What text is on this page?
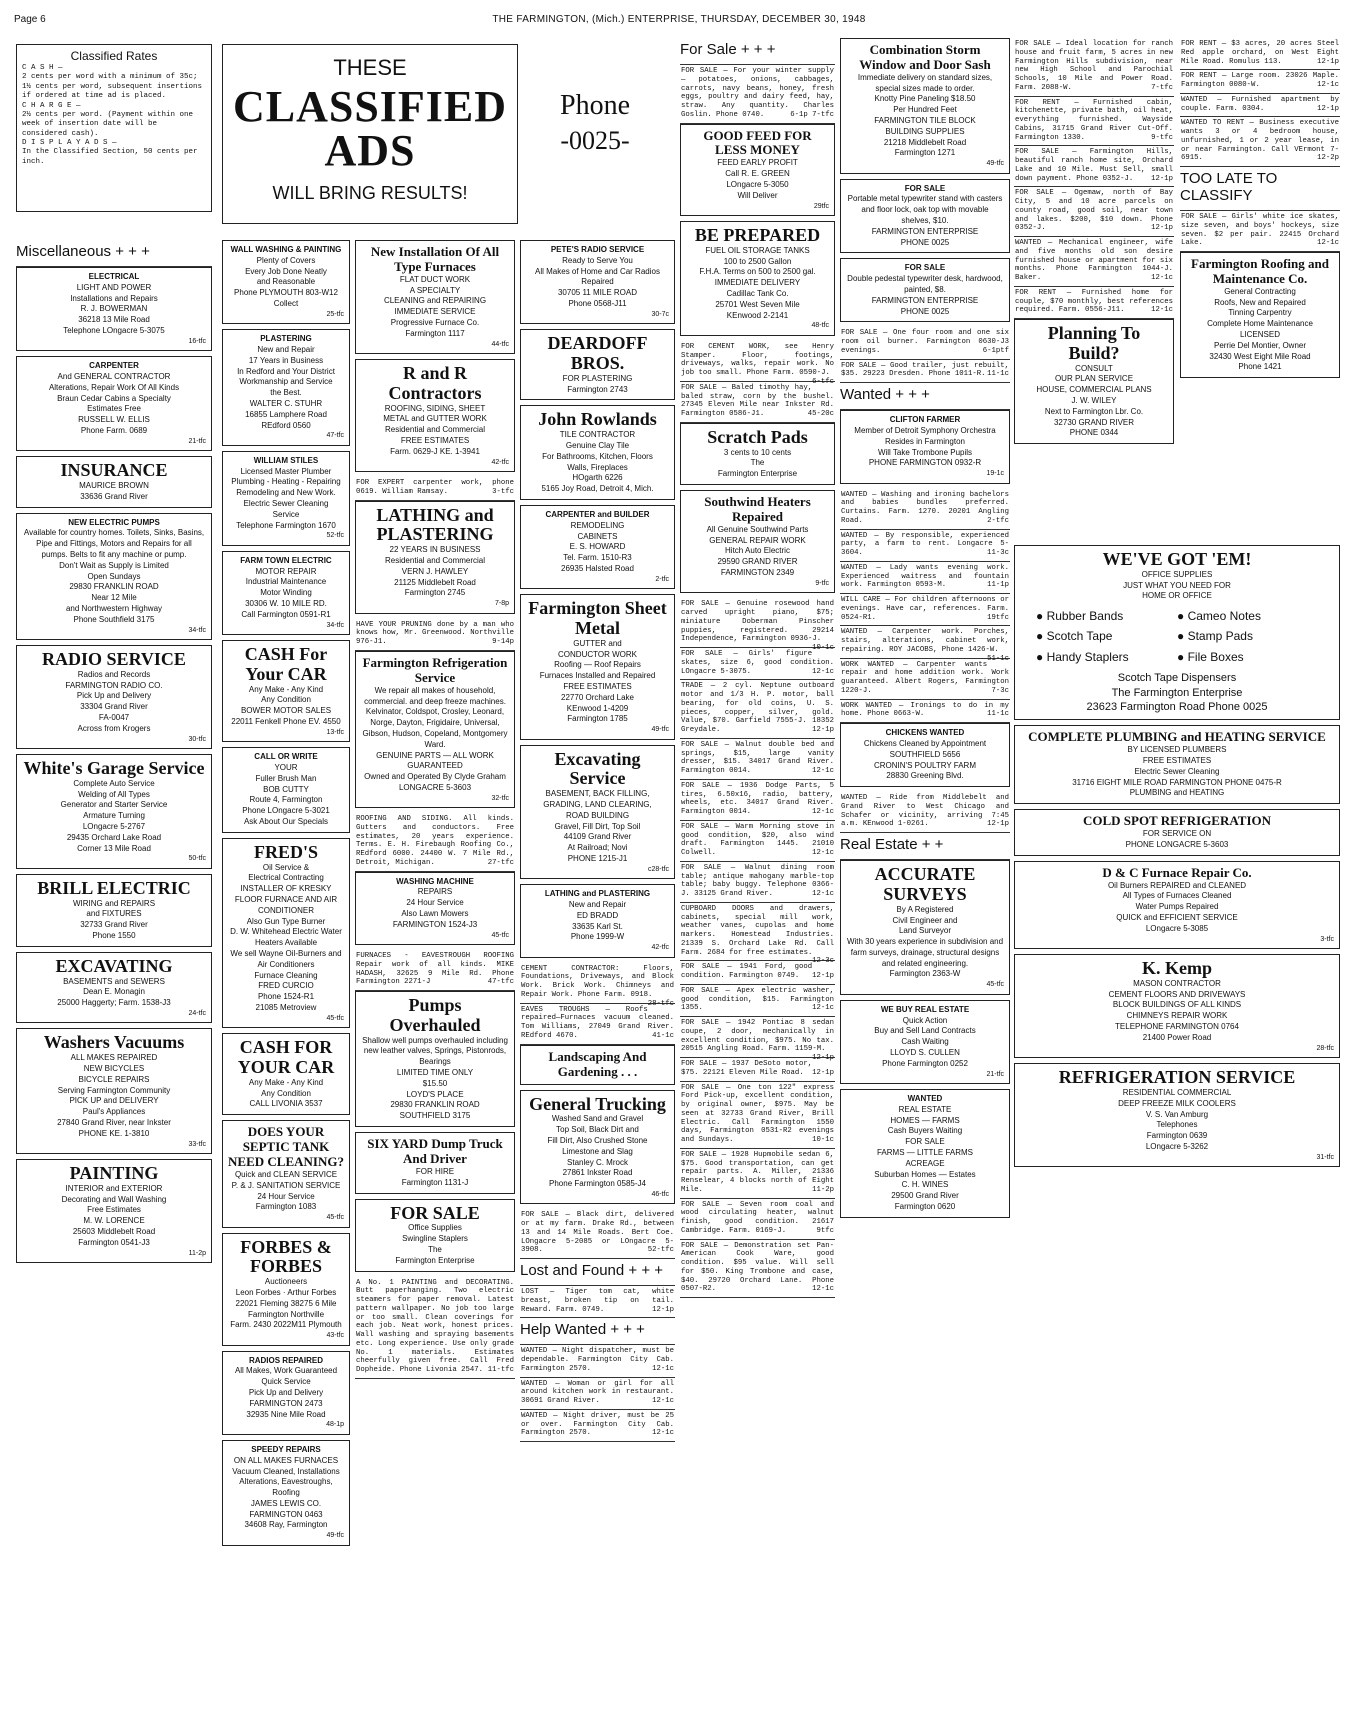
Page 6	THE FARMINGTON, (Mich.) ENTERPRISE, THURSDAY, DECEMBER 30, 1948
Classified Rates
C A S H —
2 cents per word with a minimum of 35c; 1½ cents per word, subsequent insertions if ordered at time ad is placed.
C H A R G E —
2½ cents per word. (Payment within one week of insertion date will be considered cash).
D I S P L A Y A D S —
In the Classified Section, 50 cents per inch.
THESE
CLASSIFIED
ADS
WILL BRING RESULTS!
Phone
-0025-
Miscellaneous + + +
ELECTRICAL
LIGHT AND POWER
Installations and Repairs
R. J. BOWERMAN
36218 13 Mile Road
Telephone LOngacre 5-3075
16-tfc
CARPENTER
And GENERAL CONTRACTOR
Alterations, Repair Work Of All Kinds
Braun Cedar Cabins a Specialty
Estimates Free
RUSSELL W. ELLIS
Phone Farm. 0689
21-tfc
INSURANCE
MAURICE BROWN
33636 Grand River
NEW ELECTRIC PUMPS
Available for country homes. Toilets, Sinks, Basins, Pipe and Fittings, Motors and Repairs for all pumps. Belts to fit any machine or pump.
Don't Wait as Supply is Limited
Open Sundays
29830 FRANKLIN ROAD
Near 12 Mile
and Northwestern Highway
Phone Southfield 3175
34-tfc
RADIO SERVICE
Radios and Records
FARMINGTON RADIO CO.
Pick Up and Delivery
33304 Grand River
FA-0047
Across from Krogers
30-tfc
White's Garage Service
Complete Auto Service
Welding of All Types
Generator and Starter Service
Armature Turning
LOngacre 5-2767
29435 Orchard Lake Road
Corner 13 Mile Road
50-tfc
BRILL ELECTRIC
WIRING and REPAIRS
and FIXTURES
32733 Grand River
Phone 1550
EXCAVATING
BASEMENTS and SEWERS
Dean E. Monagin
25000 Haggerty; Farm. 1538-J3
24-tfc
Washers Vacuums
ALL MAKES REPAIRED
NEW BICYCLES
BICYCLE REPAIRS
Serving Farmington Community
PICK UP and DELIVERY
Paul's Appliances
27840 Grand River, near Inkster
PHONE KE. 1-3810
33-tfc
PAINTING
INTERIOR and EXTERIOR
Decorating and Wall Washing
Free Estimates
M. W. LORENCE
25603 Middlebelt Road
Farmington 0541-J3
11-2p
WALL WASHING & PAINTING
Plenty of Covers
Every Job Done Neatly
and Reasonable
Phone PLYMOUTH 803-W12
Collect
25-tfc
PLASTERING
New and Repair
17 Years in Business
In Redford and Your District
Workmanship and Service
the Best.
WALTER C. STUHR
16855 Lamphere Road
REdford 0560
47-tfc
WILLIAM STILES
Licensed Master Plumber
Plumbing - Heating - Repairing
Remodeling and New Work.
Electric Sewer Cleaning
Service
Telephone Farmington 1670
52-tfc
FARM TOWN ELECTRIC
MOTOR REPAIR
Industrial Maintenance
Motor Winding
30306 W. 10 MILE RD.
Call Farmington 0591-R1
34-tfc
CASH For Your CAR
Any Make - Any Kind
Any Condition
BOWER MOTOR SALES
22011 Fenkell Phone EV. 4550
13-tfc
CALL OR WRITE
YOUR
Fuller Brush Man
BOB CUTTY
Route 4, Farmington
Phone LOngacre 5-3021
Ask About Our Specials
FRED'S
Oil Service &
Electrical Contracting
INSTALLER OF KRESKY FLOOR FURNACE AND AIR CONDITIONER
Also Gun Type Burner
D. W. Whitehead Electric Water Heaters Available
We sell Wayne Oil-Burners and Air Conditioners
Furnace Cleaning
FRED CURCIO
Phone 1524-R1
21085 Metroview
45-tfc
CASH FOR YOUR CAR
Any Make - Any Kind
Any Condition
CALL LIVONIA 3537
DOES YOUR SEPTIC TANK NEED CLEANING?
Quick and CLEAN SERVICE
P. & J. SANITATION SERVICE
24 Hour Service
Farmington 1083
45-tfc
FORBES & FORBES
Auctioneers
Leon Forbes · Arthur Forbes
22021 Fleming 38275 6 Mile
Farmington Northville
Farm. 2430 2022M11 Plymouth
43-tfc
RADIOS REPAIRED
All Makes, Work Guaranteed
Quick Service
Pick Up and Delivery
FARMINGTON 2473
32935 Nine Mile Road
48-1p
SPEEDY REPAIRS
ON ALL MAKES FURNACES
Vacuum Cleaned, Installations
Alterations, Eavestroughs,
Roofing
JAMES LEWIS CO.
FARMINGTON 0463
34608 Ray, Farmington
49-tfc
New Installation Of All Type Furnaces
FLAT DUCT WORK
A SPECIALTY
CLEANING and REPAIRING
IMMEDIATE SERVICE
Progressive Furnace Co.
Farmington 1117
44-tfc
R and R Contractors
ROOFING, SIDING, SHEET
METAL and GUTTER WORK
Residential and Commercial
FREE ESTIMATES
Farm. 0629-J KE. 1-3941
42-tfc
FOR EXPERT carpenter work, phone 0619. William Ramsay.	3-tfc
LATHING and PLASTERING
22 YEARS IN BUSINESS
Residential and Commercial
VERN J. HAWLEY
21125 Middlebelt Road
Farmington 2745
7-8p
HAVE YOUR PRUNING done by a man who knows how, Mr. Greenwood. Northville 976-J1.	9-14p
Farmington Refrigeration Service
We repair all makes of household, commercial. and deep freeze machines. Kelvinator, Coldspot, Crosley, Leonard, Norge, Dayton, Frigidaire, Universal, Gibson, Hudson, Copeland, Montgomery Ward.
GENUINE PARTS — ALL WORK GUARANTEED
Owned and Operated By Clyde Graham
LONGACRE 5-3603
32-tfc
ROOFING AND SIDING. All kinds. Gutters and conductors. Free estimates, 20 years experience. Terms. E. H. Firebaugh Roofing Co., REdford 6000. 24400 W. 7 Mile Rd., Detroit, Michigan.	27-tfc
WASHING MACHINE
REPAIRS
24 Hour Service
Also Lawn Mowers
FARMINGTON 1524-J3
45-tfc
FURNACES - EAVESTROUGH ROOFING Repair work of all kinds. MIKE HADASH, 32625 9 Mile Rd. Phone Farmington 2271-J	47-tfc
Pumps Overhauled
Shallow well pumps overhauled including new leather valves, Springs, Pistonrods, Bearings
LIMITED TIME ONLY
$15.50
LOYD'S PLACE
29830 FRANKLIN ROAD
SOUTHFIELD 3175
SIX YARD Dump Truck And Driver
FOR HIRE
Farmington 1131-J
FOR SALE
Office Supplies
Swingline Staplers
The
Farmington Enterprise
A No. 1 PAINTING and DECORATING. Butt paperhanging. Two electric steamers for paper removal. Latest pattern wallpaper. No job too large or too small. Clean coverings for each job. Neat work, honest prices. Wall washing and spraying basements etc. Long experience. Use only grade No. 1 materials. Estimates cheerfully given free. Call Fred Dopheide. Phone Livonia 2547. 11-tfc
PETE'S RADIO SERVICE
Ready to Serve You
All Makes of Home and Car Radios Repaired
30705 11 MILE ROAD
Phone 0568-J11
30-7c
DEARDOFF BROS.
FOR PLASTERING
Farmington 2743
John Rowlands
TILE CONTRACTOR
Genuine Clay Tile
For Bathrooms, Kitchen, Floors
Walls, Fireplaces
HOgarth 6226
5165 Joy Road, Detroit 4, Mich.
CARPENTER and BUILDER
REMODELING
CABINETS
E. S. HOWARD
Tel. Farm. 1510-R3
26935 Halsted Road
2-tfc
Farmington Sheet Metal
GUTTER and
CONDUCTOR WORK
Roofing — Roof Repairs
Furnaces Installed and Repaired
FREE ESTIMATES
22770 Orchard Lake
KEnwood 1-4209
Farmington 1785
49-tfc
Excavating Service
BASEMENT, BACK FILLING,
GRADING, LAND CLEARING,
ROAD BUILDING
Gravel, Fill Dirt, Top Soil
44109 Grand River
At Railroad; Novi
PHONE 1215-J1
c28-tfc
LATHING and PLASTERING
New and Repair
ED BRADD
33635 Karl St.
Phone 1999-W
42-tfc
CEMENT CONTRACTOR: Floors, Foundations, Driveways, and Block Work. Brick Work. Chimneys and Repair Work. Phone Farm. 0918.
28-tfc
EAVES TROUGHS — Roofs repaired—Furnaces vacuum cleaned. Tom Williams, 27049 Grand River. REdford 4670.	41-1c
Landscaping And Gardening . . .
General Trucking
Washed Sand and Gravel
Top Soil, Black Dirt and
Fill Dirt, Also Crushed Stone
Limestone and Slag
Stanley C. Mrock
27861 Inkster Road
Phone Farmington 0585-J4
46-tfc
FOR SALE — Black dirt, delivered or at my farm. Drake Rd., between 13 and 14 Mile Roads. Bert Coe. LOngacre 5-2085 or LOngacre 5-3908.	52-tfc
Lost and Found + + +
LOST — Tiger tom cat, white breast, broken tip on tail. Reward. Farm. 0749.	12-1p
Help Wanted + + +
WANTED — Night dispatcher, must be dependable. Farmington City Cab. Farmington 2570.	12-1c
WANTED — Woman or girl for all around kitchen work in restaurant. 30691 Grand River.	12-1c
WANTED — Night driver, must be 25 or over. Farmington City Cab. Farmington 2570.	12-1c
For Sale + + +
FOR SALE — For your winter supply — potatoes, onions, cabbages, carrots, navy beans, honey, fresh eggs, poultry and dairy feed, hay, straw. Any quantity. Charles Goslin. Phone 0740.	6-1p 7-tfc
GOOD FEED FOR LESS MONEY
FEED EARLY PROFIT
Call R. E. GREEN
LOngacre 5-3050
Will Deliver
29tfc
BE PREPARED
FUEL OIL STORAGE TANKS
100 to 2500 Gallon
F.H.A. Terms on 500 to 2500 gal.
IMMEDIATE DELIVERY
Cadillac Tank Co.
25701 West Seven Mile
KEnwood 2-2141
48-tfc
FOR CEMENT WORK, see Henry Stamper. Floor, footings, driveways, walks, repair work. No job too small. Phone Farm. 0590-J.
6-tfc
FOR SALE — Baled timothy hay, baled straw, corn by the bushel. 27345 Eleven Mile near Inkster Rd. Farmington 0586-J1.	45-20c
Scratch Pads
3 cents to 10 cents
The
Farmington Enterprise
Southwind Heaters Repaired
All Genuine Southwind Parts
GENERAL REPAIR WORK
Hitch Auto Electric
29590 GRAND RIVER
FARMINGTON 2349
9-tfc
FOR SALE — Genuine rosewood hand carved upright piano, $75; miniature Doberman Pinscher puppies, registered. 29214 Independence, Farmington 0936-J.
10-1c
FOR SALE — Girls' figure skates, size 6, good condition. LOngacre 5-3075.	12-1c
TRADE — 2 cyl. Neptune outboard motor and 1/3 H. P. motor, ball bearing, for old coins, U. S. pieces, copper, silver, gold. Value, $70. Garfield 7555-J. 18352 Greydale.	12-1p
FOR SALE — Walnut double bed and springs, $15, large vanity dresser, $15. 34017 Grand River. Farmington 0014.	12-1c
FOR SALE — 1936 Dodge Parts, 5 tires, 6.50x16, radio, battery, wheels, etc. 34017 Grand River. Farmington 0014.	12-1c
FOR SALE — Warm Morning stove in good condition, $20, also wind draft. Farmington 1445. 21010 Colwell.	12-1c
FOR SALE — Walnut dining room table; antique mahogany marble-top table; baby buggy. Telephone 0366-J. 33125 Grand River.	12-1c
CUPBOARD DOORS and drawers, cabinets, special mill work, weather vanes, cupolas and home markers. Homestead Industries. 21339 S. Orchard Lake Rd. Call Farm. 2684 for free estimates.
12-3c
FOR SALE — 1941 Ford, good condition. Farmington 0749. 12-1p
FOR SALE — Apex electric washer, good condition, $15. Farmington 1355.	12-1c
FOR SALE — 1942 Pontiac 8 sedan coupe, 2 door, mechanically in excellent condition, $975. No tax. 20515 Angling Road. Farm. 1159-M.
12-1p
FOR SALE — 1937 DeSoto motor, $75. 22121 Eleven Mile Road. 12-1p
FOR SALE — One ton 122" express Ford Pick-up, excellent condition, by original owner, $975. May be seen at 32733 Grand River, Brill Electric. Call Farmington 1550 days, Farmington 0531-R2 evenings and Sundays.	10-1c
FOR SALE — 1928 Hupmobile sedan 6, $75. Good transportation, can get repair parts. A. Miller, 21336 Renselear, 4 blocks north of Eight Mile.	11-2p
FOR SALE — Seven room coal and wood circulating heater, walnut finish, good condition. 21617 Cambridge. Farm. 0169-J.	9tfc
FOR SALE — Demonstration set Pan-American Cook Ware, good condition. $95 value. Will sell for $50. King Trombone and case, $40. 29720 Orchard Lane. Phone 0507-R2.	12-1c
Combination Storm Window and Door Sash
Immediate delivery on standard sizes, special sizes made to order.
Knotty Pine Paneling $18.50
Per Hundred Feet
FARMINGTON TILE BLOCK
BUILDING SUPPLIES
21218 Middlebelt Road
Farmington 1271
49-tfc
FOR SALE
Portable metal typewriter stand with casters and floor lock, oak top with movable shelves, $10.
FARMINGTON ENTERPRISE
PHONE 0025
FOR SALE
Double pedestal typewriter desk, hardwood, painted, $8.
FARMINGTON ENTERPRISE
PHONE 0025
FOR SALE — One four room and one six room oil burner. Farmington 0630-J3 evenings.	6-1ptf
FOR SALE — Good trailer, just rebuilt, $35. 29223 Dresden. Phone 1011-R. 11-1c
Wanted + + +
CLIFTON FARMER
Member of Detroit Symphony Orchestra
Resides in Farmington
Will Take Trombone Pupils
PHONE FARMINGTON 0932-R
19-1c
WANTED — Washing and ironing bachelors and babies bundles preferred. Curtains. Farm. 1270. 20201 Angling Road.	2-tfc
WANTED — By responsible, experienced party, a farm to rent. Longacre 5-3604.	11-3c
WANTED — Lady wants evening work. Experienced waitress and fountain work. Farmington 0593-M.	11-1p
WILL CARE — For children afternoons or evenings. Have car, references. Farm. 0524-R1.	19tfc
WANTED — Carpenter work. Porches, stairs, alterations, cabinet work, repairing. ROY JACOBS, Phone 1426-W.
51-1c
WORK WANTED — Carpenter wants repair and home addition work. Work guaranteed. Albert Rogers, Farmington 1220-J.	7-3c
WORK WANTED — Ironings to do in my home. Phone 0663-W.	11-1c
CHICKENS WANTED
Chickens Cleaned by Appointment
SOUTHFIELD 5656
CRONIN'S POULTRY FARM
28830 Greening Blvd.
WANTED — Ride from Middlebelt and Grand River to West Chicago and Schafer or vicinity, arriving 7:45 a.m. KEnwood 1-0261.	12-1p
Real Estate + +
ACCURATE SURVEYS
By A Registered
Civil Engineer and
Land Surveyor
With 30 years experience in subdivision and farm surveys, drainage, structural designs and related engineering.
Farmington 2363-W
45-tfc
WE BUY REAL ESTATE
Quick Action
Buy and Sell Land Contracts
Cash Waiting
LLOYD S. CULLEN
Phone Farmington 0252
21-tfc
WANTED
REAL ESTATE
HOMES — FARMS
Cash Buyers Waiting
FOR SALE
FARMS — LITTLE FARMS
ACREAGE
Suburban Homes — Estates
C. H. WINES
29500 Grand River
Farmington 0620
FOR SALE — Ideal location for ranch house and fruit farm, 5 acres in new Farmington Hills subdivision, near new High School and Parochial Schools, 10 Mile and Power Road. Farm. 2088-W.	7-tfc
FOR RENT — Furnished cabin, kitchenette, private bath, oil heat, everything furnished. Wayside Cabins, 31715 Grand River Cut-Off. Farmington 1330.	9-tfc
FOR SALE — Farmington Hills, beautiful ranch home site, Orchard Lake and 10 Mile. Must Sell, small down payment. Phone 0352-J. 12-1p
FOR SALE — Ogemaw, north of Bay City, 5 and 10 acre parcels on county road, good soil, near town and lakes. $200, $10 down. Phone 0352-J.	12-1p
WANTED — Mechanical engineer, wife and five months old son desire furnished house or apartment for six months. Phone Farmington 1044-J. Baker.	12-1c
FOR RENT — Furnished home for couple, $70 monthly, best references required. Farm. 0556-J11.	12-1c
Planning To Build?
CONSULT
OUR PLAN SERVICE
HOUSE, COMMERCIAL PLANS
J. W. WILEY
Next to Farmington Lbr. Co.
32730 GRAND RIVER
PHONE 0344
FOR RENT — $3 acres, 20 acres Steel Red apple orchard, on West Eight Mile Road. Romulus 113.	12-1p
FOR RENT — Large room. 23026 Maple. Farmington 0080-W.	12-1c
WANTED — Furnished apartment by couple. Farm. 0304.	12-1p
WANTED TO RENT — Business executive wants 3 or 4 bedroom house, unfurnished, 1 or 2 year lease, in or near Farmington. Call VErmont 7-6915.	12-2p
TOO LATE TO CLASSIFY
FOR SALE — Girls' white ice skates, size seven, and boys' hockeys, size seven. $2 per pair. 22415 Orchard Lake.	12-1c
Farmington Roofing and Maintenance Co.
General Contracting
Roofs, New and Repaired
Tinning Carpentry
Complete Home Maintenance
LICENSED
Perrie Del Montier, Owner
32430 West Eight Mile Road
Phone 1421
WE'VE GOT 'EM!
OFFICE SUPPLIES
JUST WHAT YOU NEED FOR
HOME OR OFFICE
● Rubber Bands	● Cameo Notes
● Scotch Tape	● Stamp Pads
● Handy Staplers	● File Boxes
Scotch Tape Dispensers
The Farmington Enterprise
23623 Farmington Road Phone 0025
COMPLETE PLUMBING and HEATING SERVICE
BY LICENSED PLUMBERS
FREE ESTIMATES
Electric Sewer Cleaning
31716 EIGHT MILE ROAD FARMINGTON PHONE 0475-R
PLUMBING and HEATING
COLD SPOT REFRIGERATION
FOR SERVICE ON
PHONE LONGACRE 5-3603
D & C Furnace Repair Co.
Oil Burners REPAIRED and CLEANED
All Types of Furnaces Cleaned
Water Pumps Repaired
QUICK and EFFICIENT SERVICE
LOngacre 5-3085
3-tfc
K. Kemp
MASON CONTRACTOR
CEMENT FLOORS AND DRIVEWAYS
BLOCK BUILDINGS OF ALL KINDS
CHIMNEYS REPAIR WORK
TELEPHONE FARMINGTON 0764
21400 Power Road
28-tfc
REFRIGERATION SERVICE
RESIDENTIAL COMMERCIAL
DEEP FREEZE MILK COOLERS
V. S. Van Amburg
Telephones
Farmington 0639
LOngacre 5-3262
31-tfc
